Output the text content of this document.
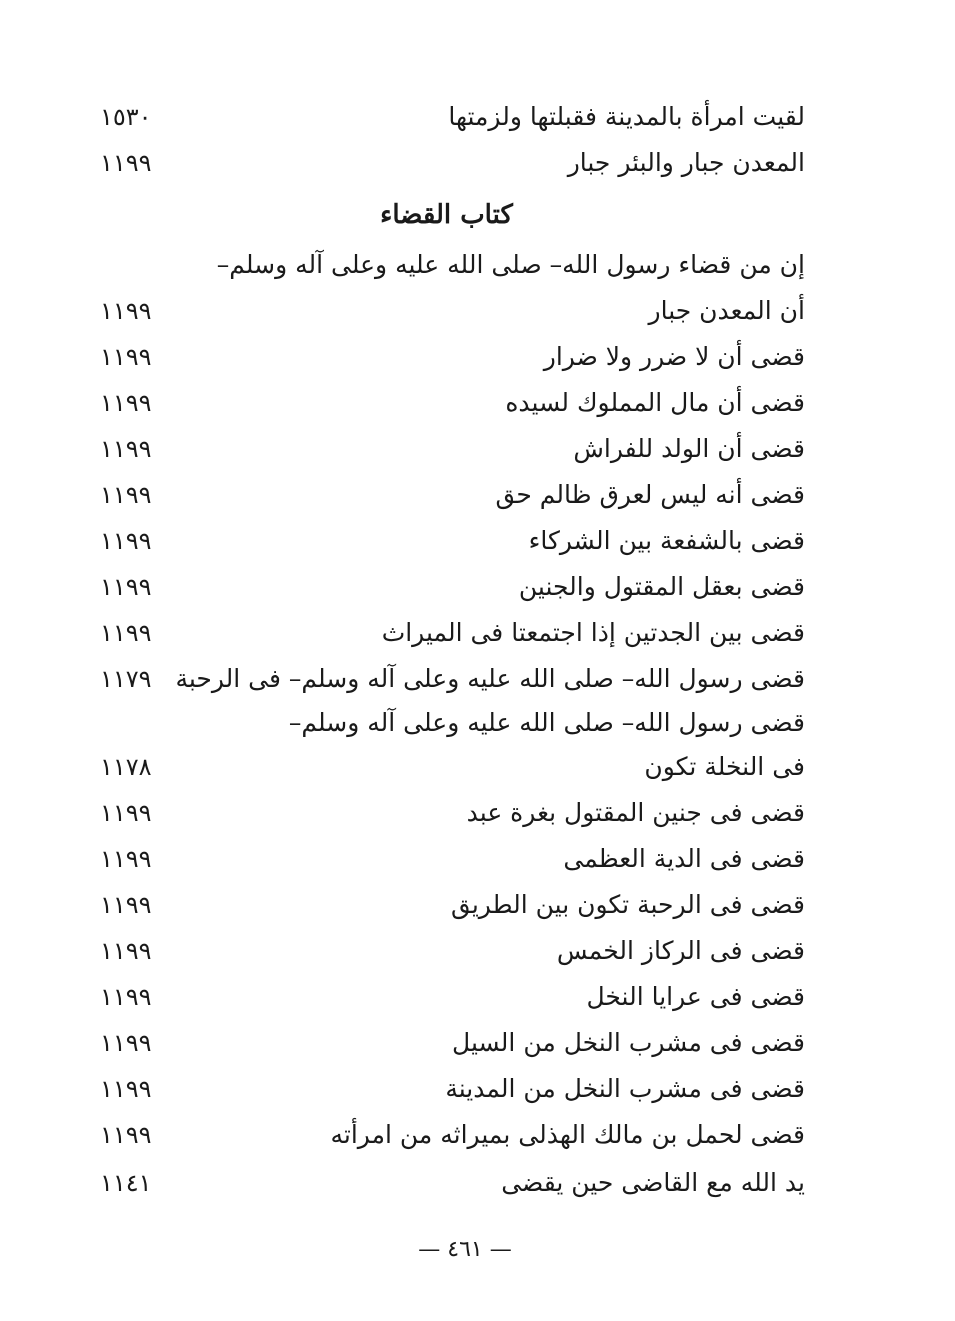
لقيت امرأة بالمدينة فقبلتها ولزمتها
١٥٣٠
المعدن جبار والبئر جبار
١١٩٩
كتاب القضاء
إن من قضاء رسول الله– صلى الله عليه وعلى آله وسلم–
أن المعدن جبار
١١٩٩
قضى أن لا ضرر ولا ضرار
١١٩٩
قضى أن مال المملوك لسيده
١١٩٩
قضى أن الولد للفراش
١١٩٩
قضى أنه ليس لعرق ظالم حق
١١٩٩
قضى بالشفعة بين الشركاء
١١٩٩
قضى بعقل المقتول والجنين
١١٩٩
قضى بين الجدتين إذا اجتمعتا فى الميراث
١١٩٩
قضى رسول الله– صلى الله عليه وعلى آله وسلم– فى الرحبة
١١٧٩
قضى رسول الله– صلى الله عليه وعلى آله وسلم–
فى النخلة تكون
١١٧٨
قضى فى جنين المقتول بغرة عبد
١١٩٩
قضى فى الدية العظمى
١١٩٩
قضى فى الرحبة تكون بين الطريق
١١٩٩
قضى فى الركاز الخمس
١١٩٩
قضى فى عرايا النخل
١١٩٩
قضى فى مشرب النخل من السيل
١١٩٩
قضى فى مشرب النخل من المدينة
١١٩٩
قضى لحمل بن مالك الهذلى بميراثه من امرأته
١١٩٩
يد الله مع القاضى حين يقضى
١١٤١
— ٤٦١ —
